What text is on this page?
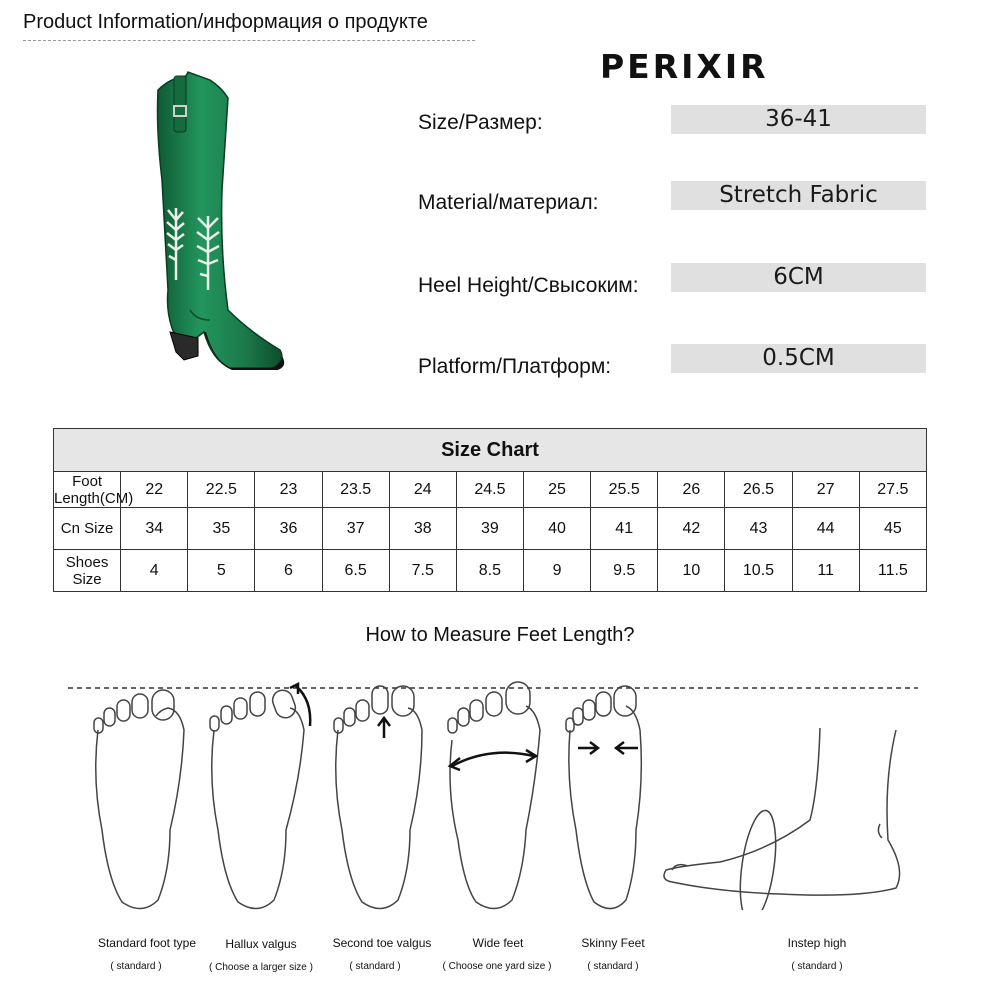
Product Information/информация о продукте
PERIXIR
Size/Размер:	36-41
Material/материал:	Stretch Fabric
Heel Height/Свысоким:	6CM
Platform/Платформ:	0.5CM
Size Chart												
Foot Length(CM)	22	22.5	23	23.5	24	24.5	25	25.5	26	26.5	27	27.5
Cn Size	34	35	36	37	38	39	40	41	42	43	44	45
Shoes Size	4	5	6	6.5	7.5	8.5	9	9.5	10	10.5	11	11.5
How to Measure Feet Length?
Standard foot type
( standard )
Hallux valgus
( Choose a larger size )
Second toe valgus
( standard )
Wide feet
( Choose one yard size )
Skinny Feet
( standard )
Instep high
( standard )
